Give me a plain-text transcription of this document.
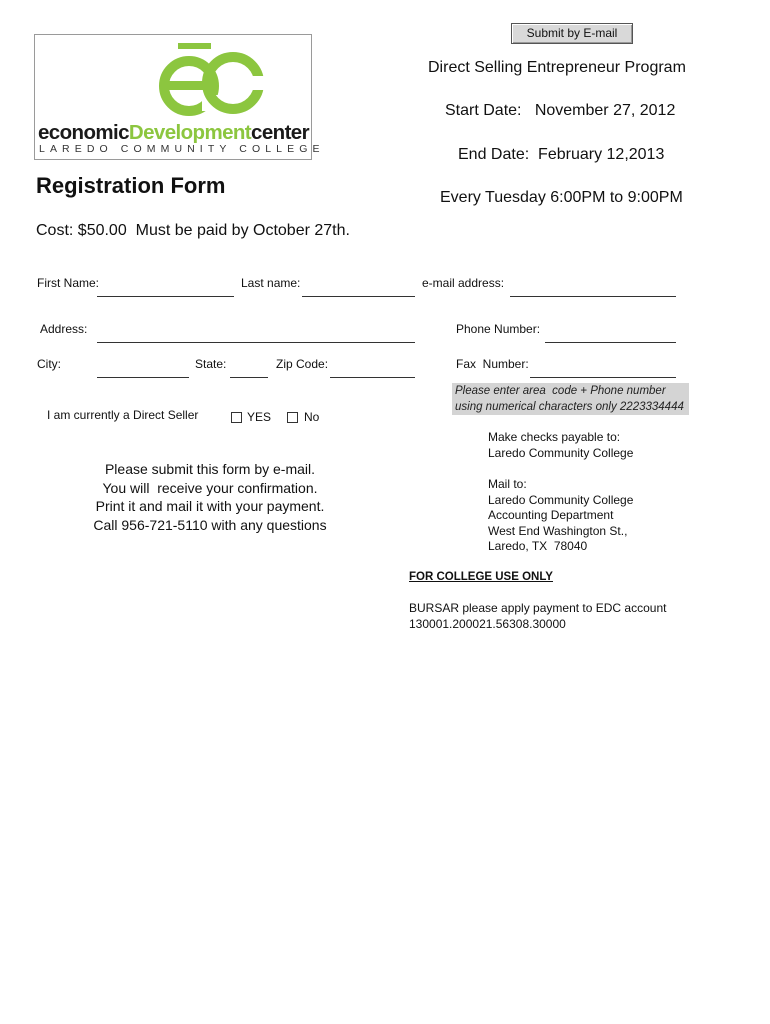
Submit by E-mail
economicDevelopmentcenter
LAREDO COMMUNITY COLLEGE
Direct Selling Entrepreneur Program
Start Date:   November 27, 2012
End Date:  February 12,2013
Every Tuesday 6:00PM to 9:00PM
Registration Form
Cost: $50.00  Must be paid by October 27th.
First Name:	Last name:	e-mail address:
Address:	Phone Number:
City:	State:	Zip Code:	Fax  Number:
Please enter area  code + Phone number
using numerical characters only 2223334444
I am currently a Direct Seller	YES	No
Please submit this form by e-mail.
You will  receive your confirmation.
Print it and mail it with your payment.
Call 956-721-5110 with any questions
Make checks payable to:
Laredo Community College
Mail to:
Laredo Community College
Accounting Department
West End Washington St.,
Laredo, TX  78040
FOR COLLEGE USE ONLY
BURSAR please apply payment to EDC account
130001.200021.56308.30000
